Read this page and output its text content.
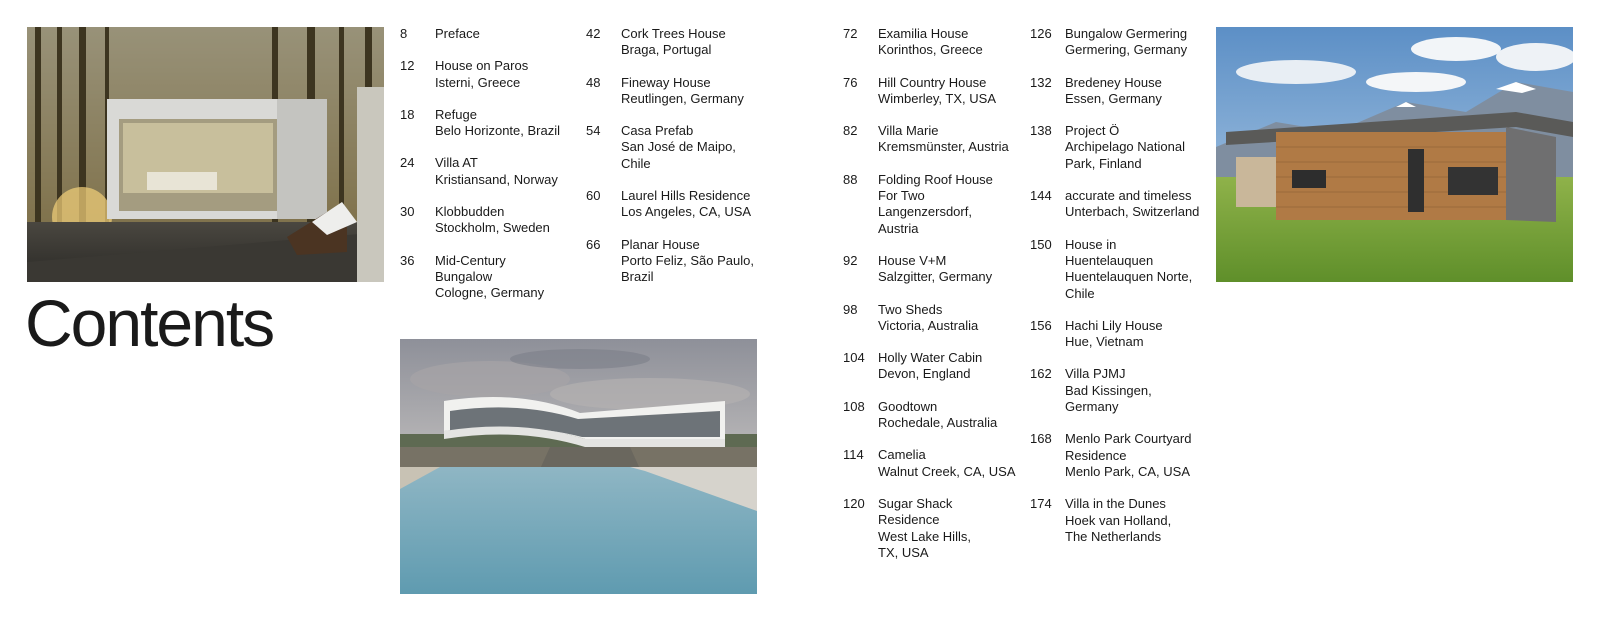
Contents
8	Preface
12	House on Paros
Isterni, Greece
18	Refuge
Belo Horizonte, Brazil
24	Villa AT
Kristiansand, Norway
30	Klobbudden
Stockholm, Sweden
36	Mid-Century Bungalow
Cologne, Germany
42	Cork Trees House
Braga, Portugal
48	Fineway House
Reutlingen, Germany
54	Casa Prefab
San José de Maipo, Chile
60	Laurel Hills Residence
Los Angeles, CA, USA
66	Planar House
Porto Feliz, São Paulo, Brazil
72	Examilia House
Korinthos, Greece
76	Hill Country House
Wimberley, TX, USA
82	Villa Marie
Kremsmünster, Austria
88	Folding Roof House For Two
Langenzersdorf, Austria
92	House V+M
Salzgitter, Germany
98	Two Sheds
Victoria, Australia
104	Holly Water Cabin
Devon, England
108	Goodtown
Rochedale, Australia
114	Camelia
Walnut Creek, CA, USA
120	Sugar Shack Residence
West Lake Hills, TX, USA
126	Bungalow Germering
Germering, Germany
132	Bredeney House
Essen, Germany
138	Project Ö
Archipelago National Park, Finland
144	accurate and timeless
Unterbach, Switzerland
150	House in Huentelauquen
Huentelauquen Norte, Chile
156	Hachi Lily House
Hue, Vietnam
162	Villa PJMJ
Bad Kissingen, Germany
168	Menlo Park Courtyard Residence
Menlo Park, CA, USA
174	Villa in the Dunes
Hoek van Holland, The Netherlands
